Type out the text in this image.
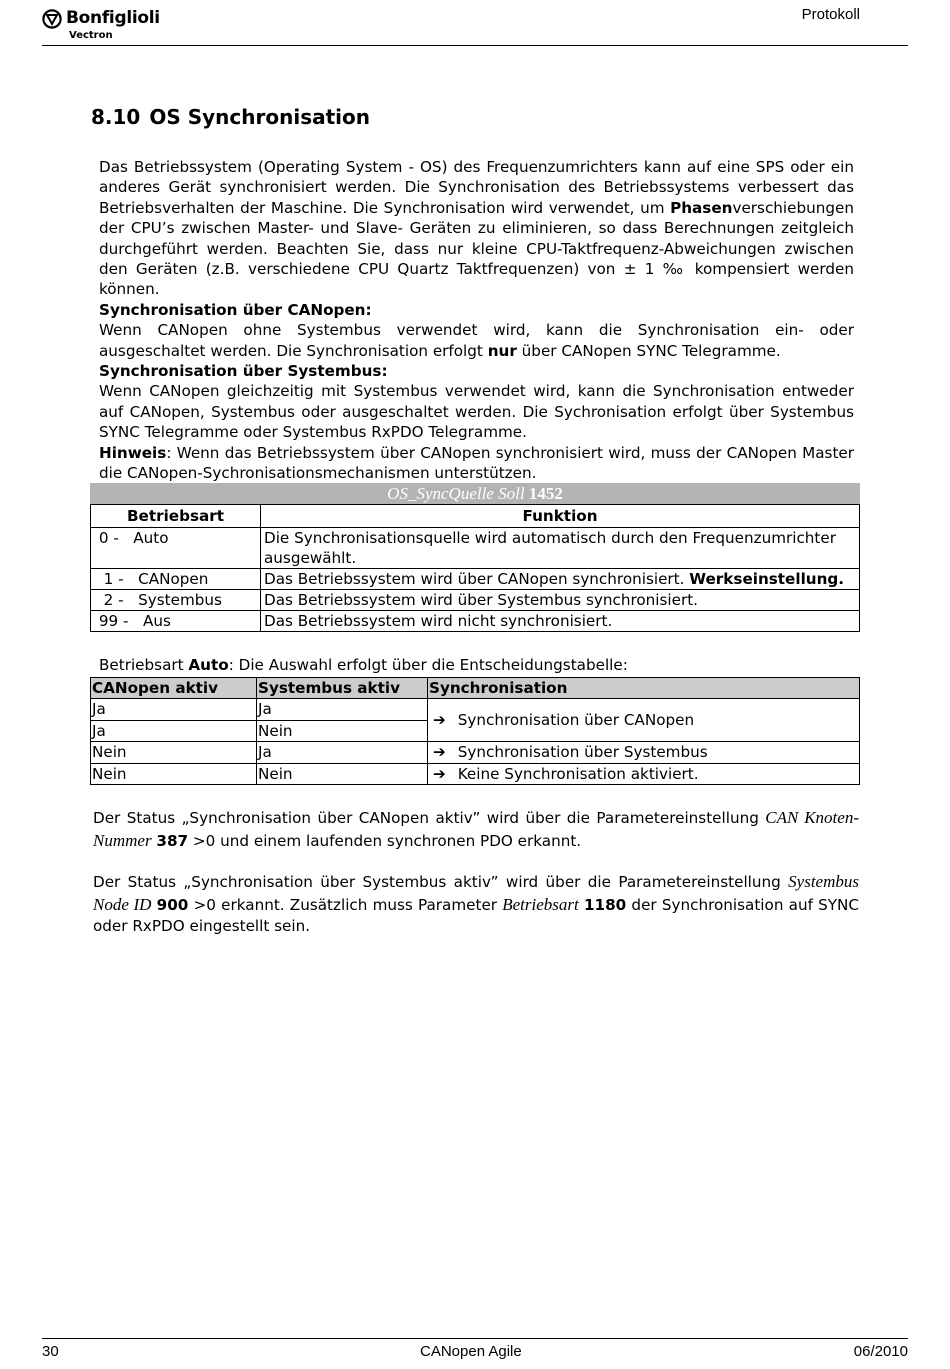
Bonfiglioli
Vectron
Protokoll
8.10 OS Synchronisation
Das Betriebssystem (Operating System - OS) des Frequenzumrichters kann auf eine SPS oder ein anderes Gerät synchronisiert werden. Die Synchronisation des Betriebssystems verbessert das Betriebsverhalten der Maschine. Die Synchronisation wird verwendet, um Phasenverschiebungen der CPU’s zwischen Master- und Slave- Geräten zu eliminieren, so dass Berechnungen zeitgleich durchgeführt werden. Beachten Sie, dass nur kleine CPU-Taktfrequenz-Abweichungen zwischen den Geräten (z.B. verschiedene CPU Quartz Taktfrequenzen) von ± 1 ‰ kompensiert werden können.
Synchronisation über CANopen:
Wenn CANopen ohne Systembus verwendet wird, kann die Synchronisation ein- oder ausgeschaltet werden. Die Synchronisation erfolgt nur über CANopen SYNC Telegramme.
Synchronisation über Systembus:
Wenn CANopen gleichzeitig mit Systembus verwendet wird, kann die Synchronisation entweder auf CANopen, Systembus oder ausgeschaltet werden. Die Sychronisation erfolgt über Systembus SYNC Telegramme oder Systembus RxPDO Telegramme.
Hinweis: Wenn das Betriebssystem über CANopen synchronisiert wird, muss der CANopen Master die CANopen-Sychronisationsmechanismen unterstützen.
OS_SyncQuelle Soll 1452	
Betriebsart	Funktion
0 -   Auto	Die Synchronisationsquelle wird automatisch durch den Frequenzumrichter ausgewählt.
1 -   CANopen	Das Betriebssystem wird über CANopen synchronisiert. Werkseinstellung.
2 -   Systembus	Das Betriebssystem wird über Systembus synchronisiert.
99 -   Aus	Das Betriebssystem wird nicht synchronisiert.
Betriebsart Auto: Die Auswahl erfolgt über die Entscheidungstabelle:
CANopen aktiv	Systembus aktiv	Synchronisation
Ja	Ja	➔ Synchronisation über CANopen
Ja	Nein	
Nein	Ja	➔ Synchronisation über Systembus
Nein	Nein	➔ Keine Synchronisation aktiviert.
Der Status „Synchronisation über CANopen aktiv” wird über die Parametereinstellung CAN Knoten-Nummer 387 >0 und einem laufenden synchronen PDO erkannt.
Der Status „Synchronisation über Systembus aktiv” wird über die Parametereinstellung Systembus Node ID 900 >0 erkannt. Zusätzlich muss Parameter Betriebsart 1180 der Synchronisation auf SYNC oder RxPDO eingestellt sein.
30	CANopen Agile	06/2010
